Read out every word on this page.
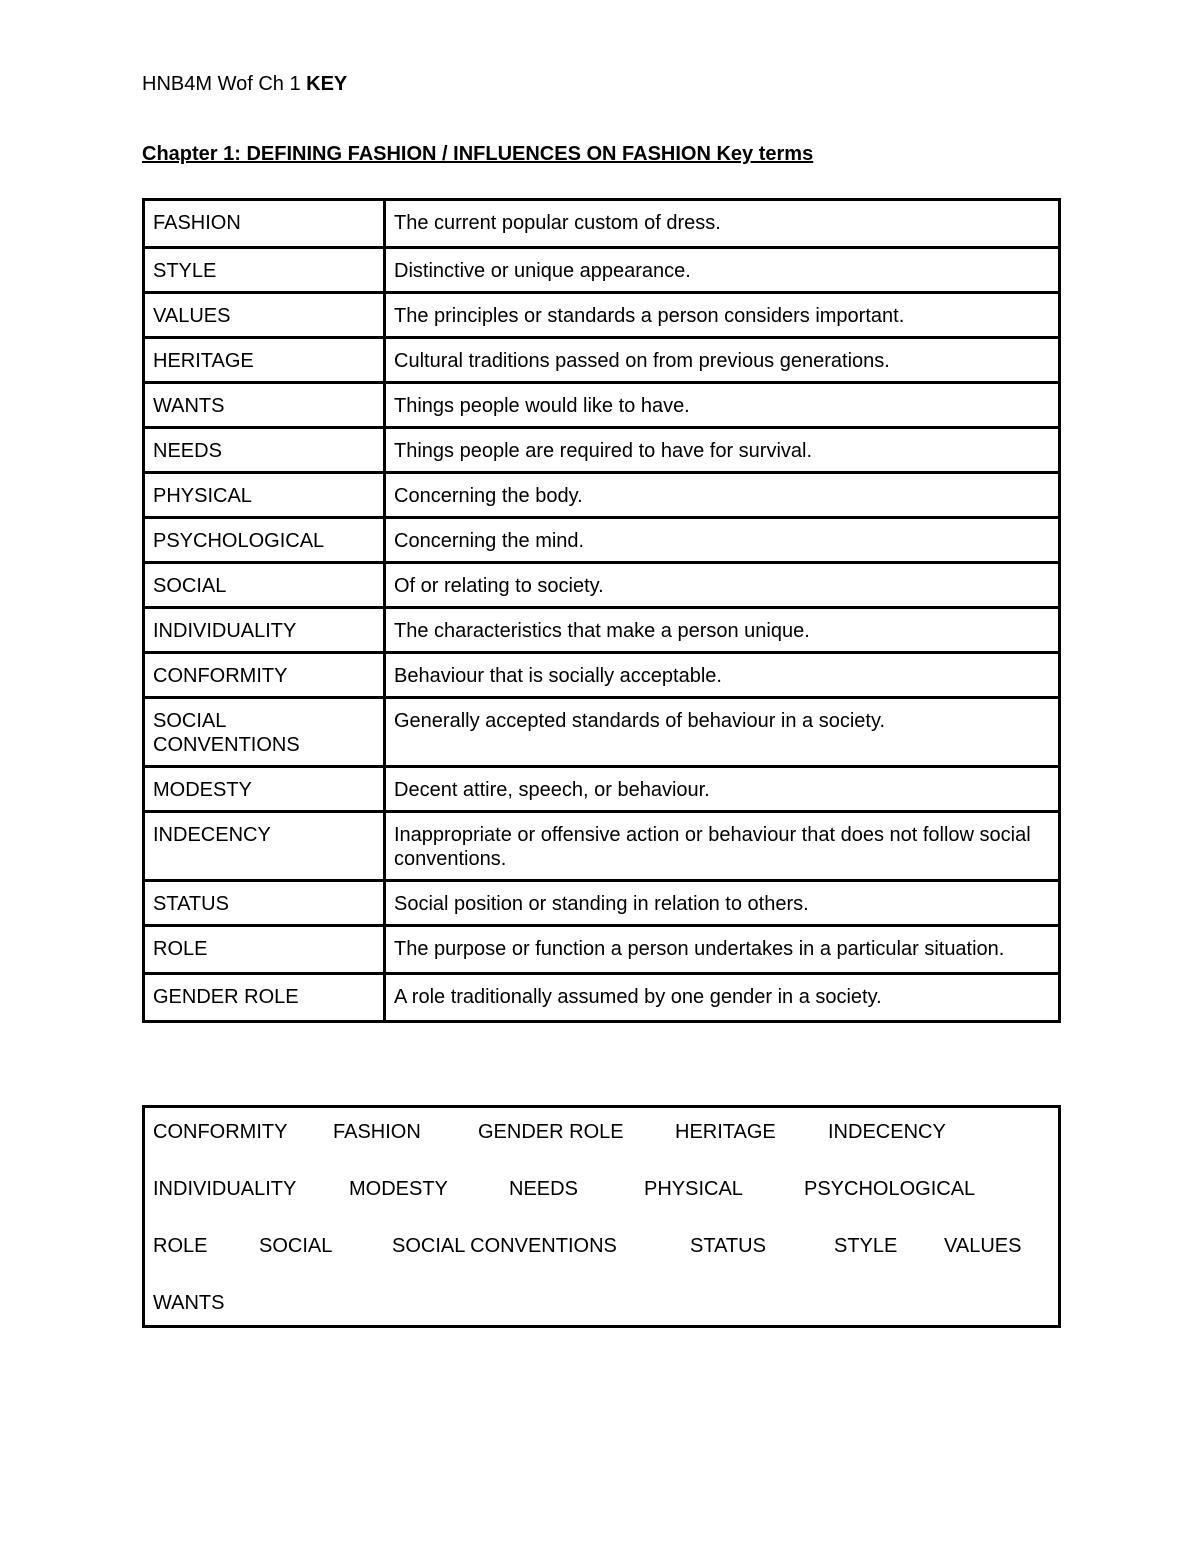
HNB4M Wof Ch 1 KEY
Chapter 1: DEFINING FASHION / INFLUENCES ON FASHION Key terms
FASHION	The current popular custom of dress.
STYLE	Distinctive or unique appearance.
VALUES	The principles or standards a person considers important.
HERITAGE	Cultural traditions passed on from previous generations.
WANTS	Things people would like to have.
NEEDS	Things people are required to have for survival.
PHYSICAL	Concerning the body.
PSYCHOLOGICAL	Concerning the mind.
SOCIAL	Of or relating to society.
INDIVIDUALITY	The characteristics that make a person unique.
CONFORMITY	Behaviour that is socially acceptable.
SOCIAL CONVENTIONS	Generally accepted standards of behaviour in a society.
MODESTY	Decent attire, speech, or behaviour.
INDECENCY	Inappropriate or offensive action or behaviour that does not follow social conventions.
STATUS	Social position or standing in relation to others.
ROLE	The purpose or function a person undertakes in a particular situation.
GENDER ROLE	A role traditionally assumed by one gender in a society.
CONFORMITY FASHION	GENDER ROLE	HERITAGE	INDECENCY
INDIVIDUALITY	MODESTY	NEEDS	PHYSICAL	PSYCHOLOGICAL
ROLE	SOCIAL	SOCIAL CONVENTIONS	STATUS	STYLE VALUES
WANTS
